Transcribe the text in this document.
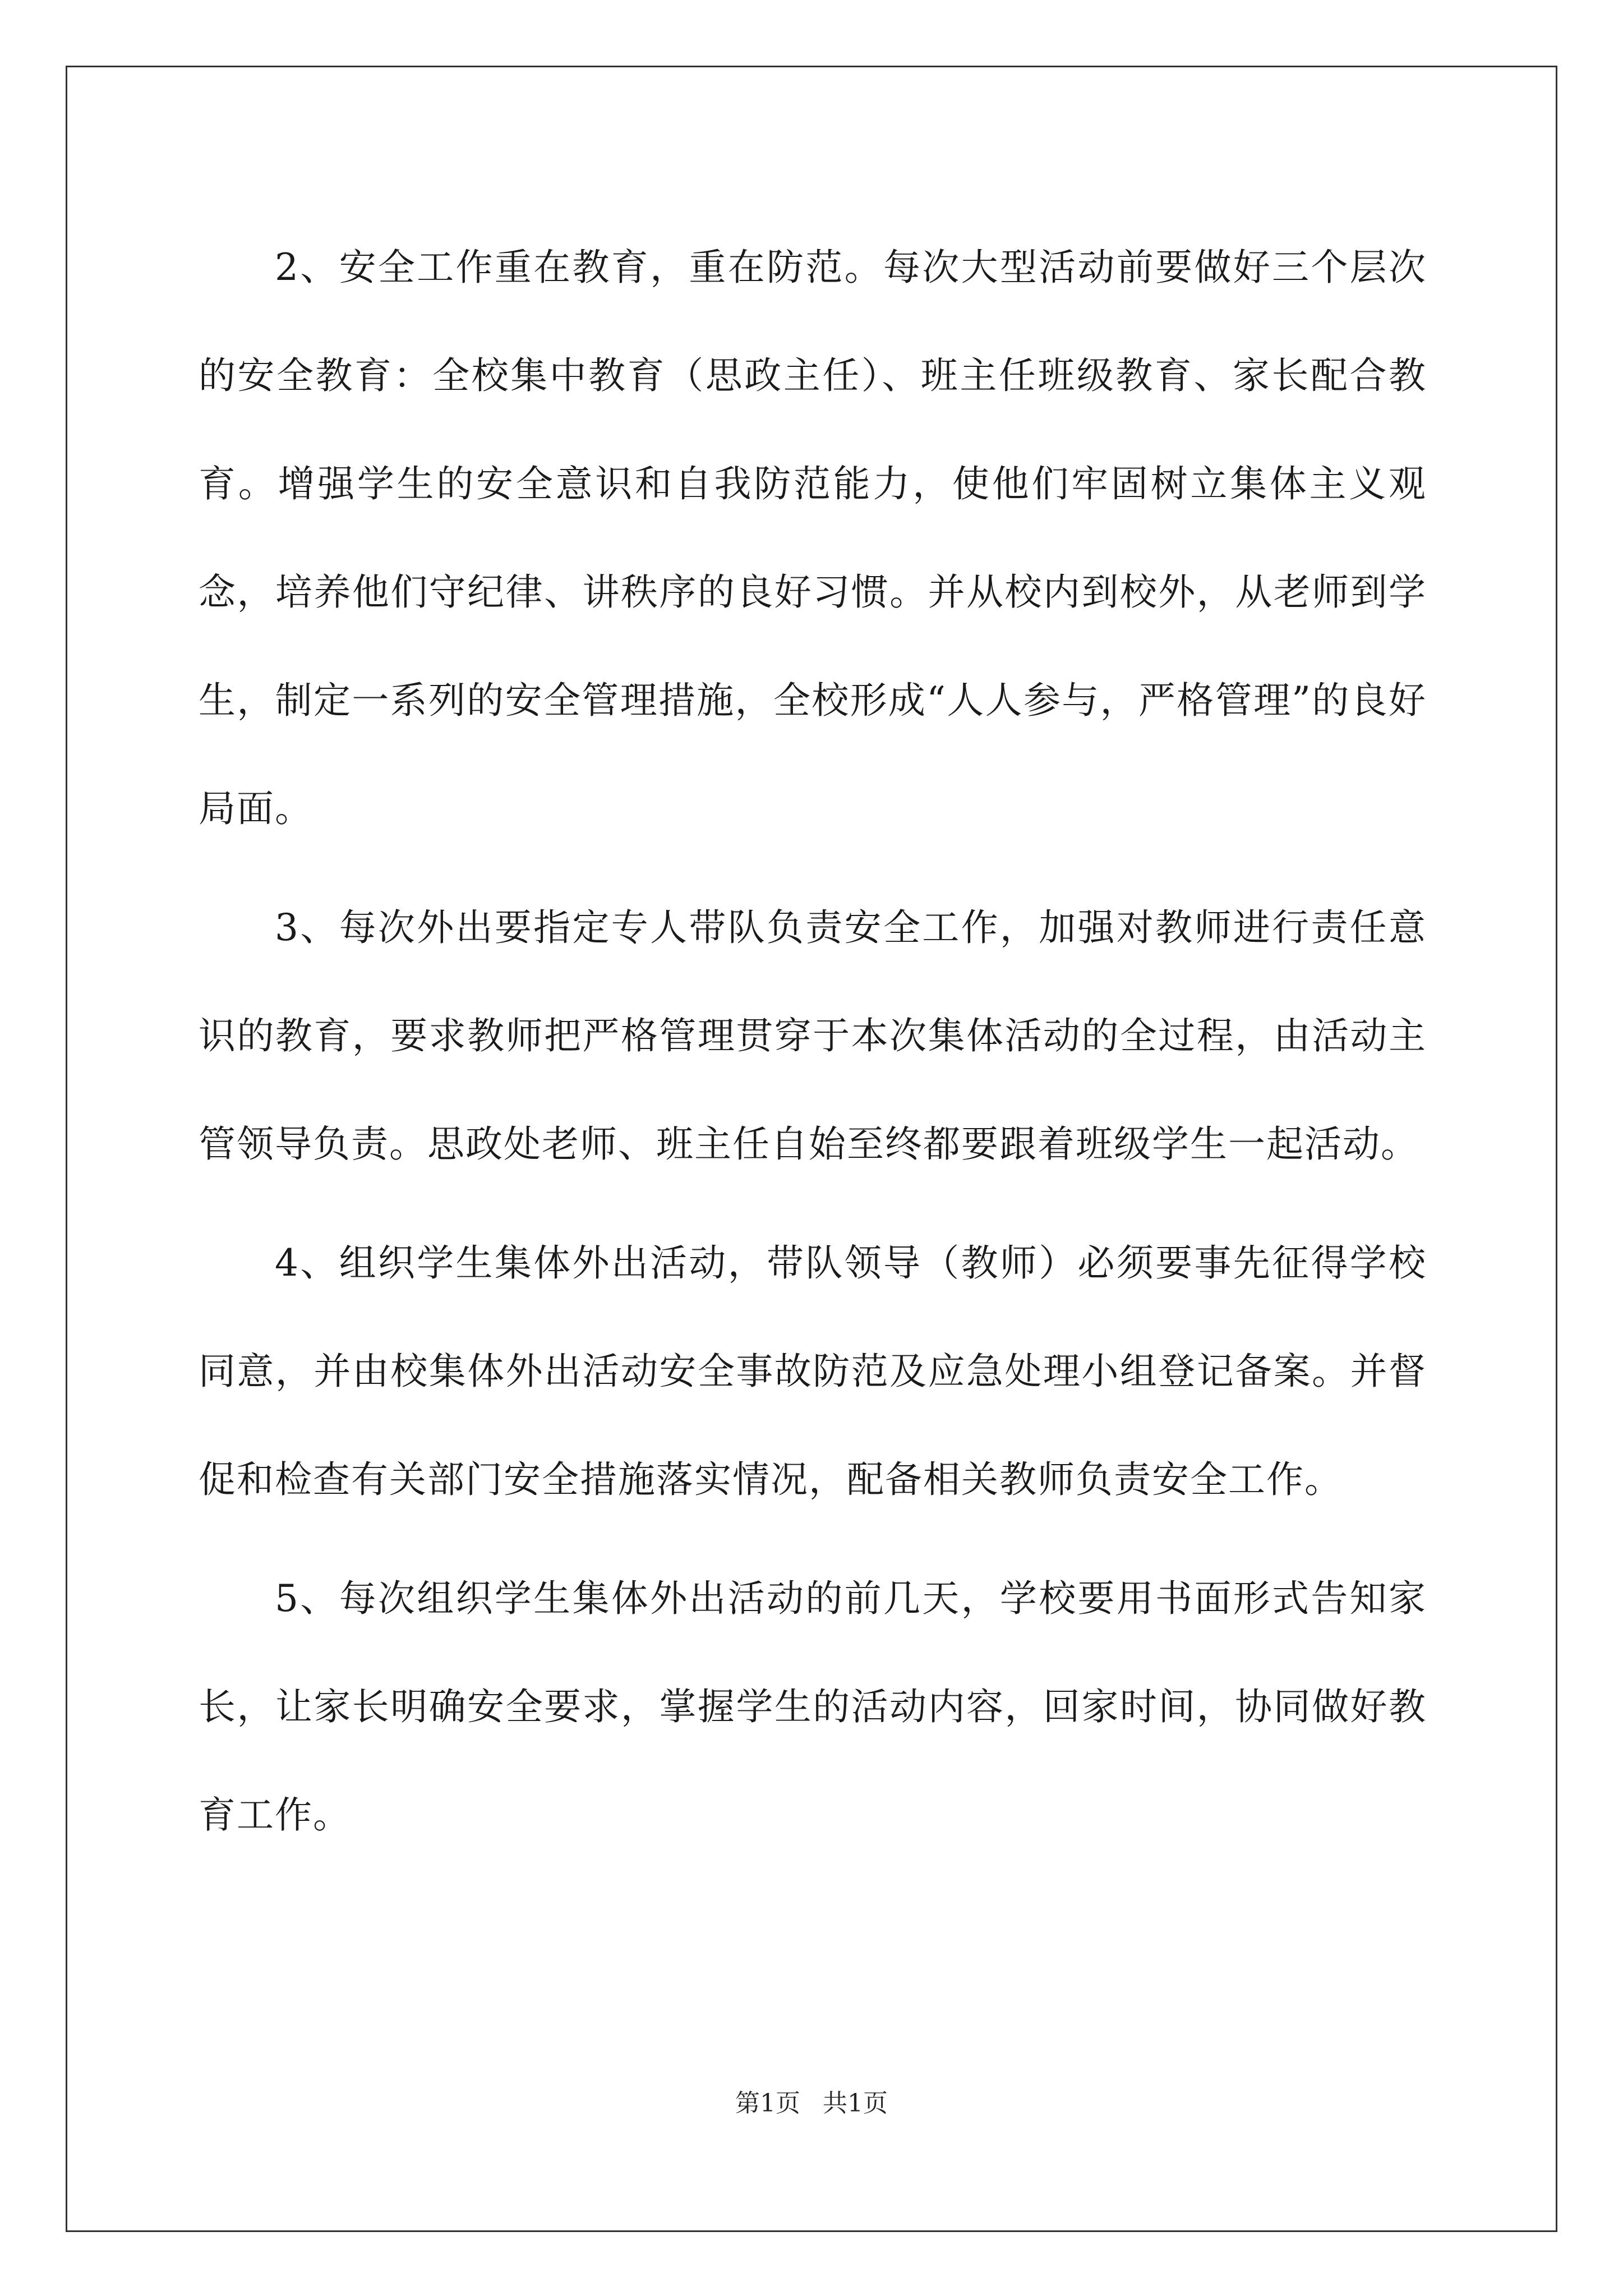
2、安全工作重在教育，重在防范。每次大型活动前要做好三个层次的安全教育：全校集中教育（思政主任）、班主任班级教育、家长配合教育。增强学生的安全意识和自我防范能力，使他们牢固树立集体主义观念，培养他们守纪律、讲秩序的良好习惯。并从校内到校外，从老师到学生，制定一系列的安全管理措施，全校形成“人人参与，严格管理”的良好局面。

3、每次外出要指定专人带队负责安全工作，加强对教师进行责任意识的教育，要求教师把严格管理贯穿于本次集体活动的全过程，由活动主管领导负责。思政处老师、班主任自始至终都要跟着班级学生一起活动。

4、组织学生集体外出活动，带队领导（教师）必须要事先征得学校同意，并由校集体外出活动安全事故防范及应急处理小组登记备案。并督促和检查有关部门安全措施落实情况，配备相关教师负责安全工作。

5、每次组织学生集体外出活动的前几天，学校要用书面形式告知家长，让家长明确安全要求，掌握学生的活动内容，回家时间，协同做好教育工作。

第1页 共1页
